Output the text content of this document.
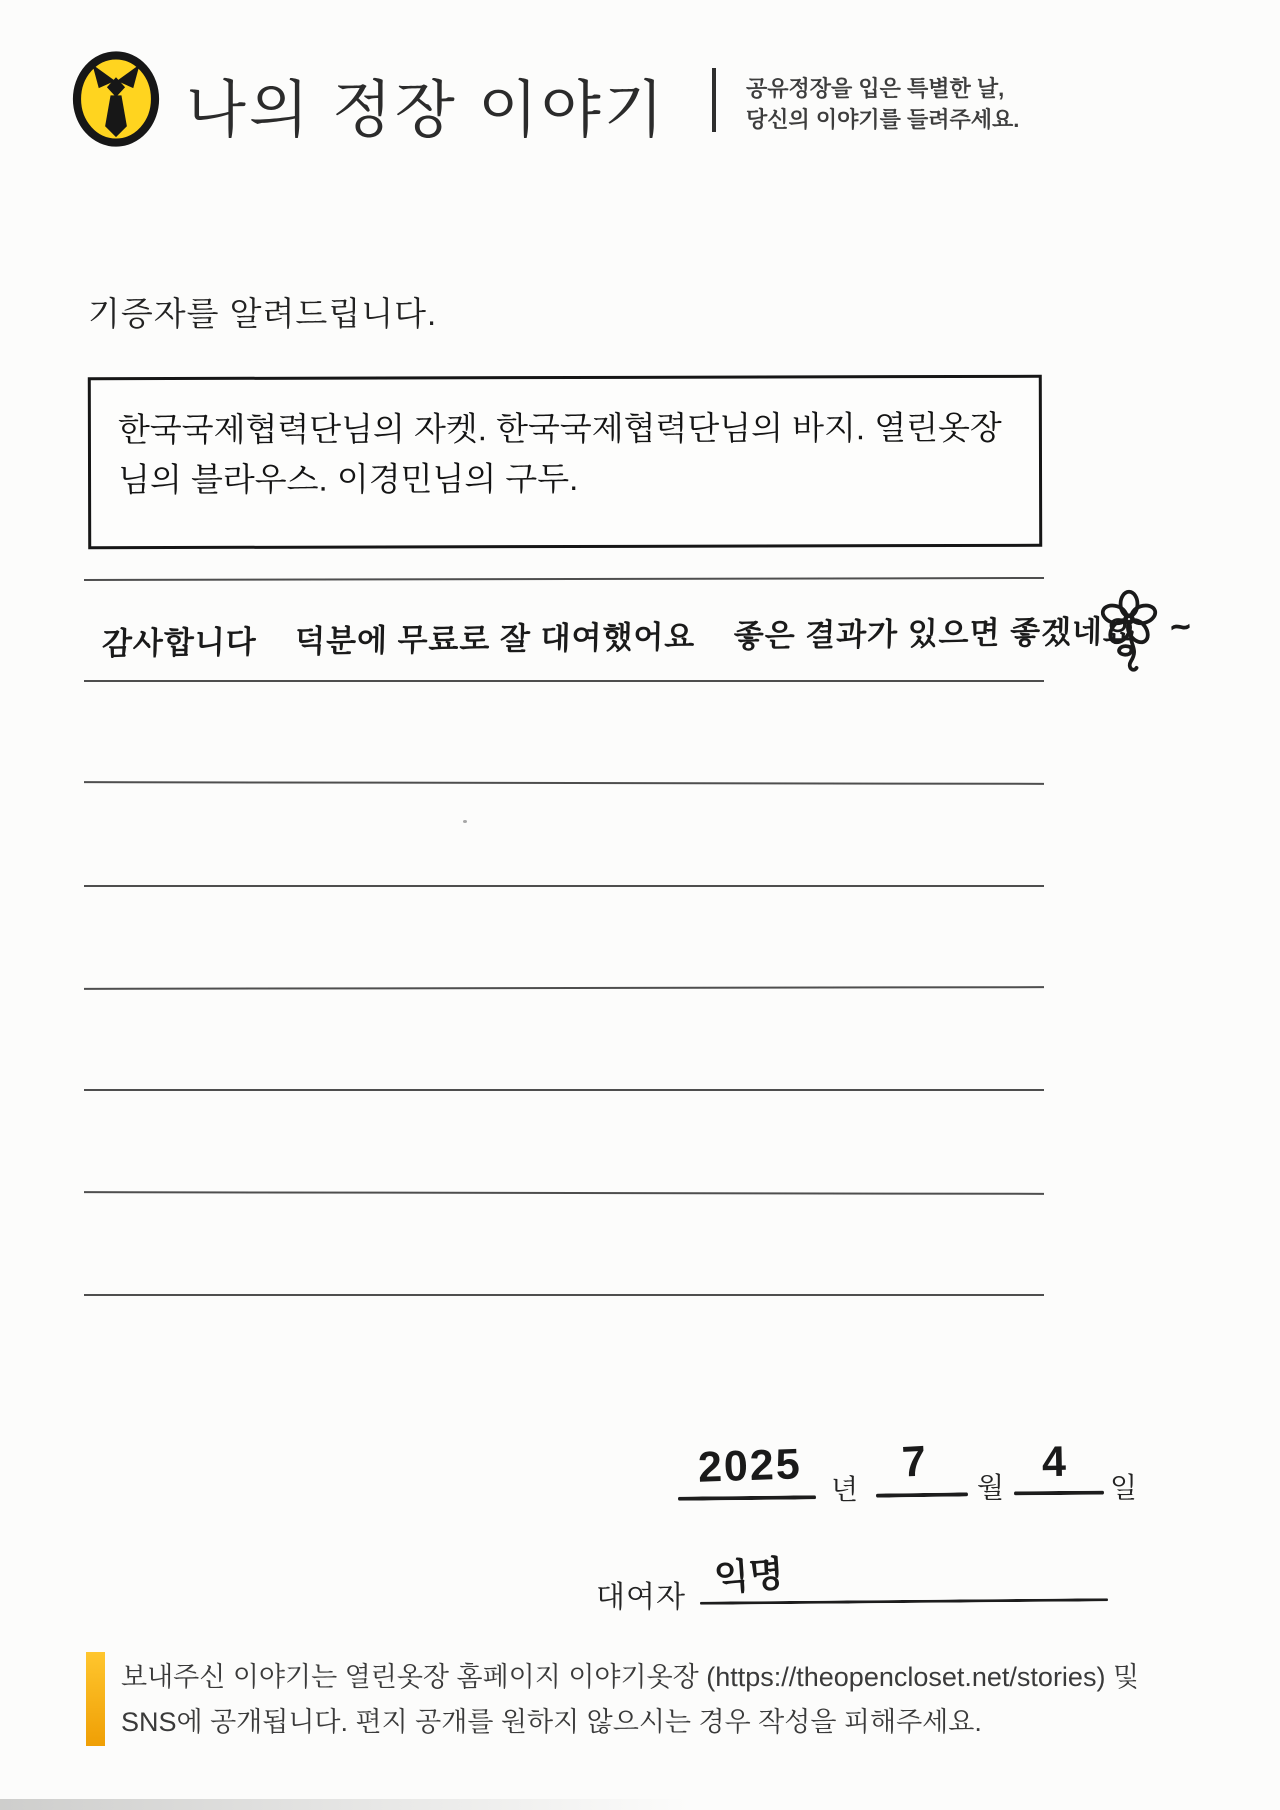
나의 정장 이야기	공유정장을 입은 특별한 날,
당신의 이야기를 들려주세요.
기증자를 알려드립니다.
한국국제협력단님의 자켓. 한국국제협력단님의 바지. 열린옷장님의 블라우스. 이경민님의 구두.
감사합니다    덕분에 무료로 잘 대여했어요    좋은 결과가 있으면 좋겠네요 ~
2025 년
7
월
4
일
대여자 익명
보내주신 이야기는 열린옷장 홈페이지 이야기옷장 (https://theopencloset.net/stories) 및
SNS에 공개됩니다. 편지 공개를 원하지 않으시는 경우 작성을 피해주세요.
